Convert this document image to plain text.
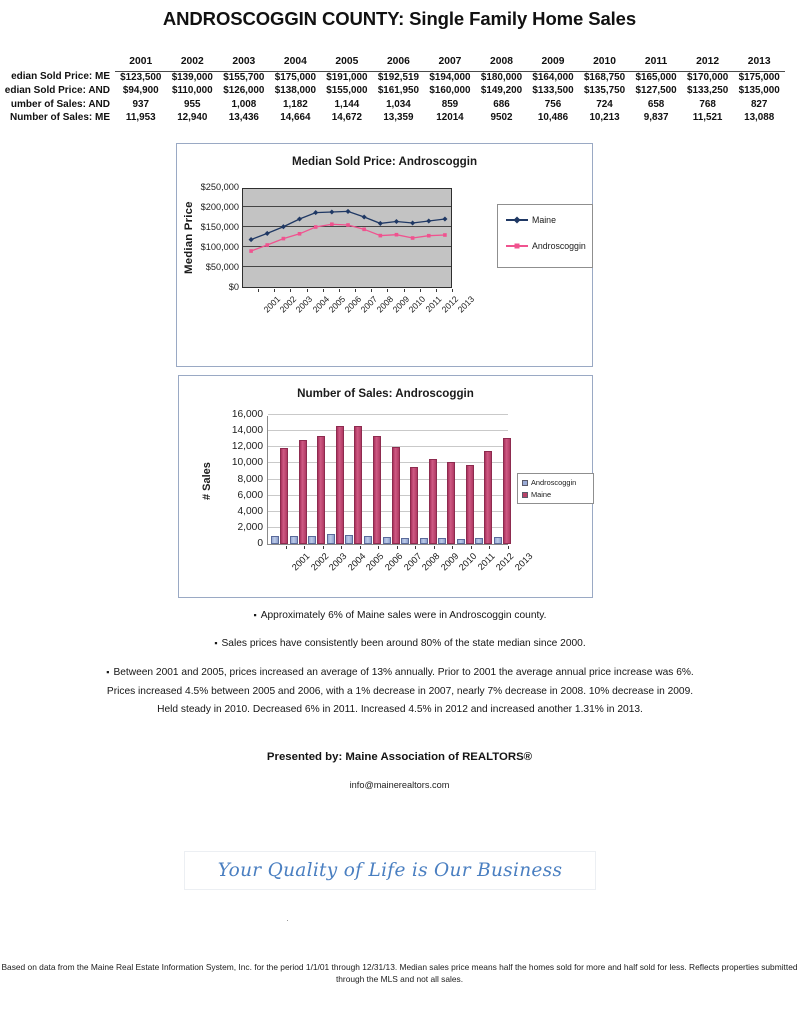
ANDROSCOGGIN COUNTY: Single Family Home Sales
	2001	2002	2003	2004	2005	2006	2007	2008	2009	2010	2011	2012	2013
edian Sold Price: ME	$123,500	$139,000	$155,700	$175,000	$191,000	$192,519	$194,000	$180,000	$164,000	$168,750	$165,000	$170,000	$175,000
edian Sold Price: AND	$94,900	$110,000	$126,000	$138,000	$155,000	$161,950	$160,000	$149,200	$133,500	$135,750	$127,500	$133,250	$135,000
umber of Sales: AND	937	955	1,008	1,182	1,144	1,034	859	686	756	724	658	768	827
Number of Sales: ME	11,953	12,940	13,436	14,664	14,672	13,359	12014	9502	10,486	10,213	9,837	11,521	13,088
Median Sold Price: Androscoggin
Median Price
$250,000
$200,000
$150,000
$100,000
$50,000
$0
2001
2002
2003
2004
2005
2006
2007
2008
2009
2010
2011
2012
2013
Maine
Androscoggin
Number of Sales: Androscoggin
# Sales
16,000
14,000
12,000
10,000
8,000
6,000
4,000
2,000
0
2001
2002
2003
2004
2005
2006
2007
2008
2009
2010
2011
2012
2013
Androscoggin
Maine
▪ Approximately 6% of Maine sales were in Androscoggin county.
▪ Sales prices have consistently been around 80% of the state median since 2000.
▪ Between 2001 and 2005, prices increased an average of 13% annually. Prior to 2001 the average annual price increase was 6%. Prices increased 4.5% between 2005 and 2006, with a 1% decrease in 2007, nearly 7% decrease in 2008. 10% decrease in 2009. Held steady in 2010. Decreased 6% in 2011. Increased 4.5% in 2012 and increased another 1.31% in 2013.
Presented by: Maine Association of REALTORS®
info@mainerealtors.com
Your Quality of Life is Our Business
·
Based on data from the Maine Real Estate Information System, Inc. for the period 1/1/01 through 12/31/13. Median sales price means half the homes sold for more and half sold for less. Reflects properties submitted through the MLS and not all sales.
